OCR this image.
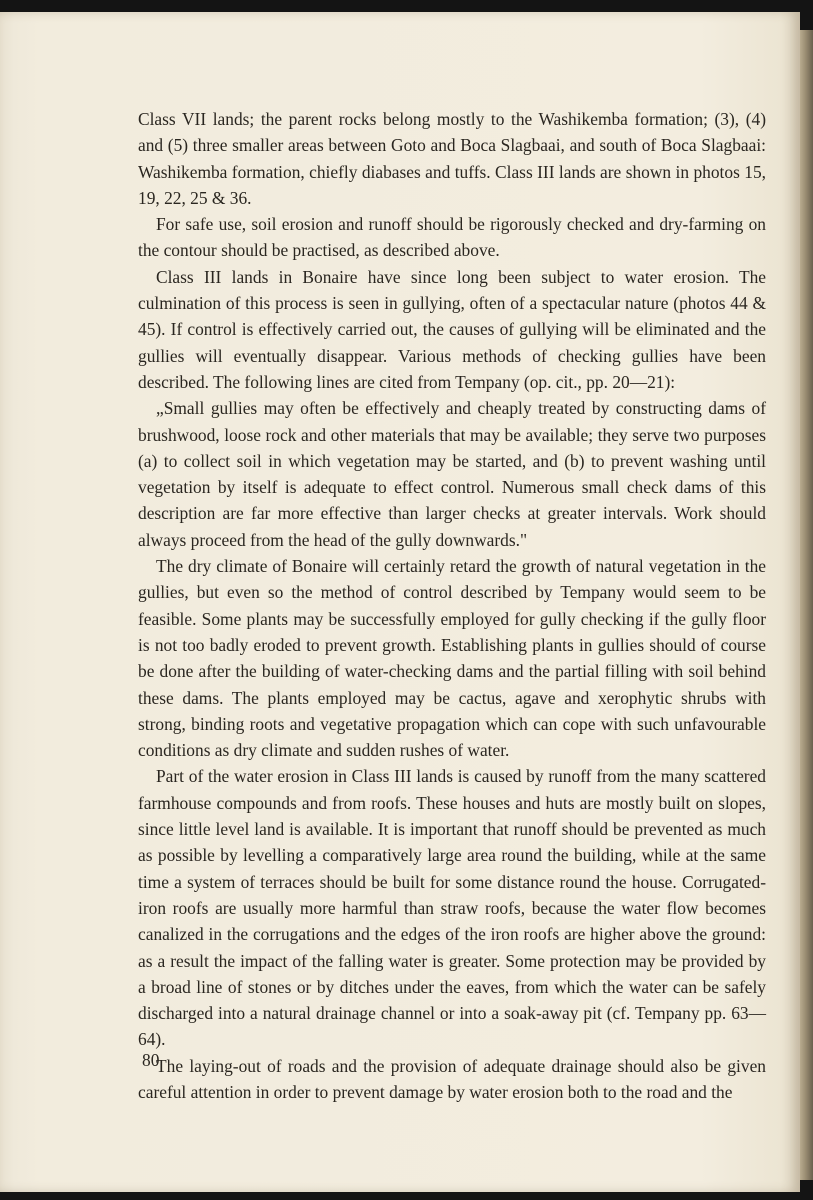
Class VII lands; the parent rocks belong mostly to the Washikemba formation; (3), (4) and (5) three smaller areas between Goto and Boca Slagbaai, and south of Boca Slagbaai: Washikemba formation, chiefly diabases and tuffs. Class III lands are shown in photos 15, 19, 22, 25 & 36.

For safe use, soil erosion and runoff should be rigorously checked and dry-farming on the contour should be practised, as described above.

Class III lands in Bonaire have since long been subject to water erosion. The culmination of this process is seen in gullying, often of a spectacular nature (photos 44 & 45). If control is effectively carried out, the causes of gullying will be eliminated and the gullies will eventually disappear. Various methods of checking gullies have been described. The following lines are cited from Tempany (op. cit., pp. 20—21):

„Small gullies may often be effectively and cheaply treated by constructing dams of brushwood, loose rock and other materials that may be available; they serve two purposes (a) to collect soil in which vegetation may be started, and (b) to prevent washing until vegetation by itself is adequate to effect control. Numerous small check dams of this description are far more effective than larger checks at greater intervals. Work should always proceed from the head of the gully downwards."

The dry climate of Bonaire will certainly retard the growth of natural vegetation in the gullies, but even so the method of control described by Tempany would seem to be feasible. Some plants may be successfully employed for gully checking if the gully floor is not too badly eroded to prevent growth. Establishing plants in gullies should of course be done after the building of water-checking dams and the partial filling with soil behind these dams. The plants employed may be cactus, agave and xerophytic shrubs with strong, binding roots and vegetative propagation which can cope with such unfavourable conditions as dry climate and sudden rushes of water.

Part of the water erosion in Class III lands is caused by runoff from the many scattered farmhouse compounds and from roofs. These houses and huts are mostly built on slopes, since little level land is available. It is important that runoff should be prevented as much as possible by levelling a comparatively large area round the building, while at the same time a system of terraces should be built for some distance round the house. Corrugated-iron roofs are usually more harmful than straw roofs, because the water flow becomes canalized in the corrugations and the edges of the iron roofs are higher above the ground: as a result the impact of the falling water is greater. Some protection may be provided by a broad line of stones or by ditches under the eaves, from which the water can be safely discharged into a natural drainage channel or into a soak-away pit (cf. Tempany pp. 63—64).

The laying-out of roads and the provision of adequate drainage should also be given careful attention in order to prevent damage by water erosion both to the road and the

80
